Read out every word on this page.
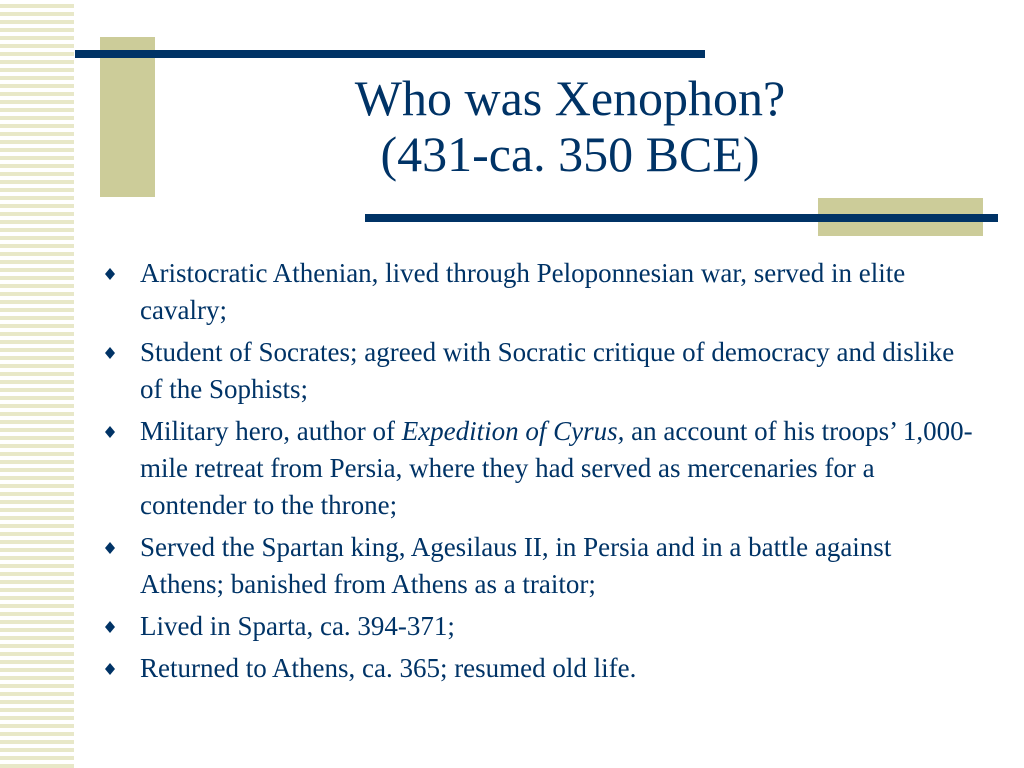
Who was Xenophon?
(431-ca. 350 BCE)
Aristocratic Athenian, lived through Peloponnesian war, served in elite cavalry;
Student of Socrates; agreed with Socratic critique of democracy and dislike of the Sophists;
Military hero, author of Expedition of Cyrus, an account of his troops’ 1,000-mile retreat from Persia, where they had served as mercenaries for a contender to the throne;
Served the Spartan king, Agesilaus II, in Persia and in a battle against Athens; banished from Athens as a traitor;
Lived in Sparta, ca. 394-371;
Returned to Athens, ca. 365; resumed old life.
